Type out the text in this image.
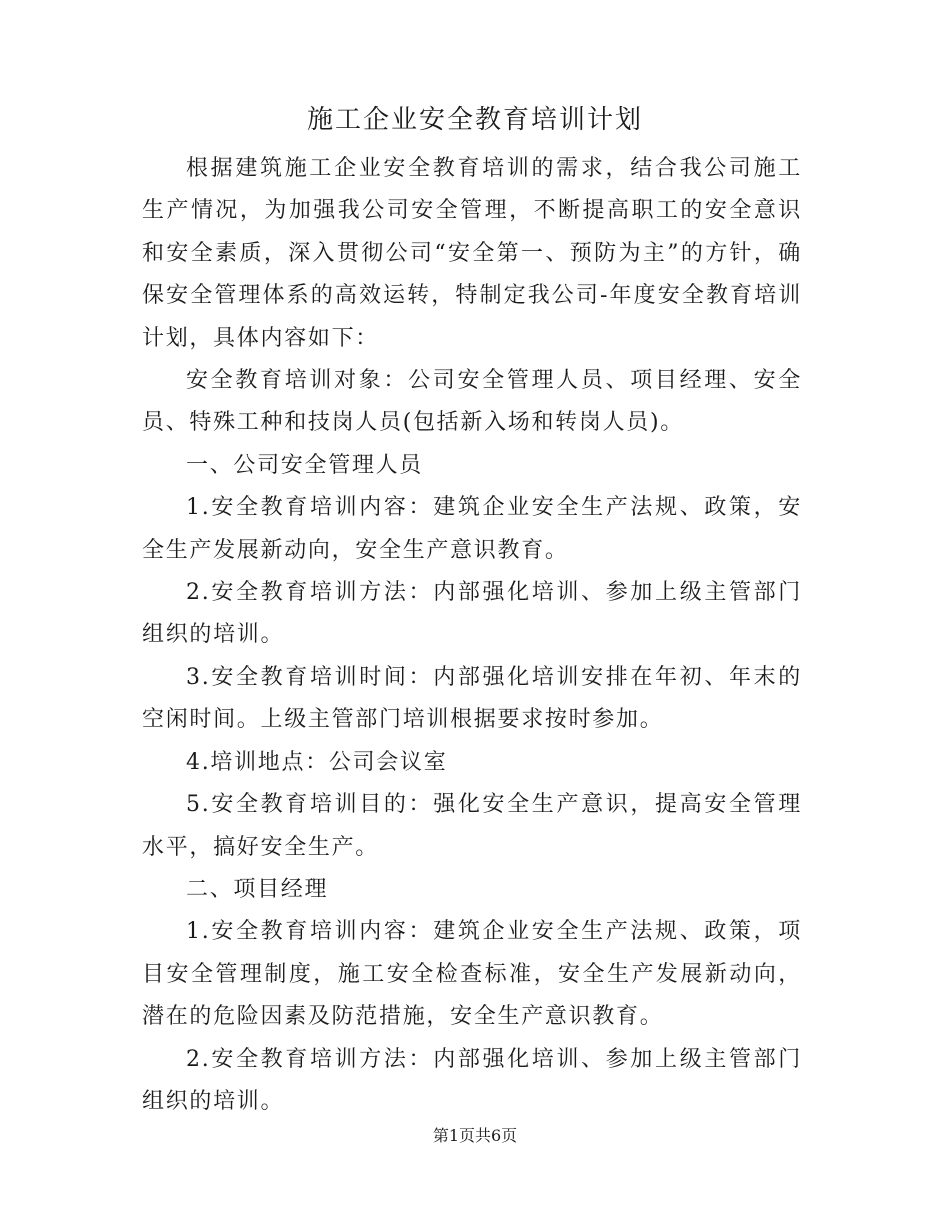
施工企业安全教育培训计划

根据建筑施工企业安全教育培训的需求，结合我公司施工生产情况，为加强我公司安全管理，不断提高职工的安全意识和安全素质，深入贯彻公司“安全第一、预防为主”的方针，确保安全管理体系的高效运转，特制定我公司-年度安全教育培训计划，具体内容如下：

安全教育培训对象：公司安全管理人员、项目经理、安全员、特殊工种和技岗人员(包括新入场和转岗人员)。

一、公司安全管理人员

1.安全教育培训内容：建筑企业安全生产法规、政策，安全生产发展新动向，安全生产意识教育。

2.安全教育培训方法：内部强化培训、参加上级主管部门组织的培训。

3.安全教育培训时间：内部强化培训安排在年初、年末的空闲时间。上级主管部门培训根据要求按时参加。

4.培训地点：公司会议室

5.安全教育培训目的：强化安全生产意识，提高安全管理水平，搞好安全生产。

二、项目经理

1.安全教育培训内容：建筑企业安全生产法规、政策，项目安全管理制度，施工安全检查标准，安全生产发展新动向，潜在的危险因素及防范措施，安全生产意识教育。

2.安全教育培训方法：内部强化培训、参加上级主管部门组织的培训。

第1页共6页
